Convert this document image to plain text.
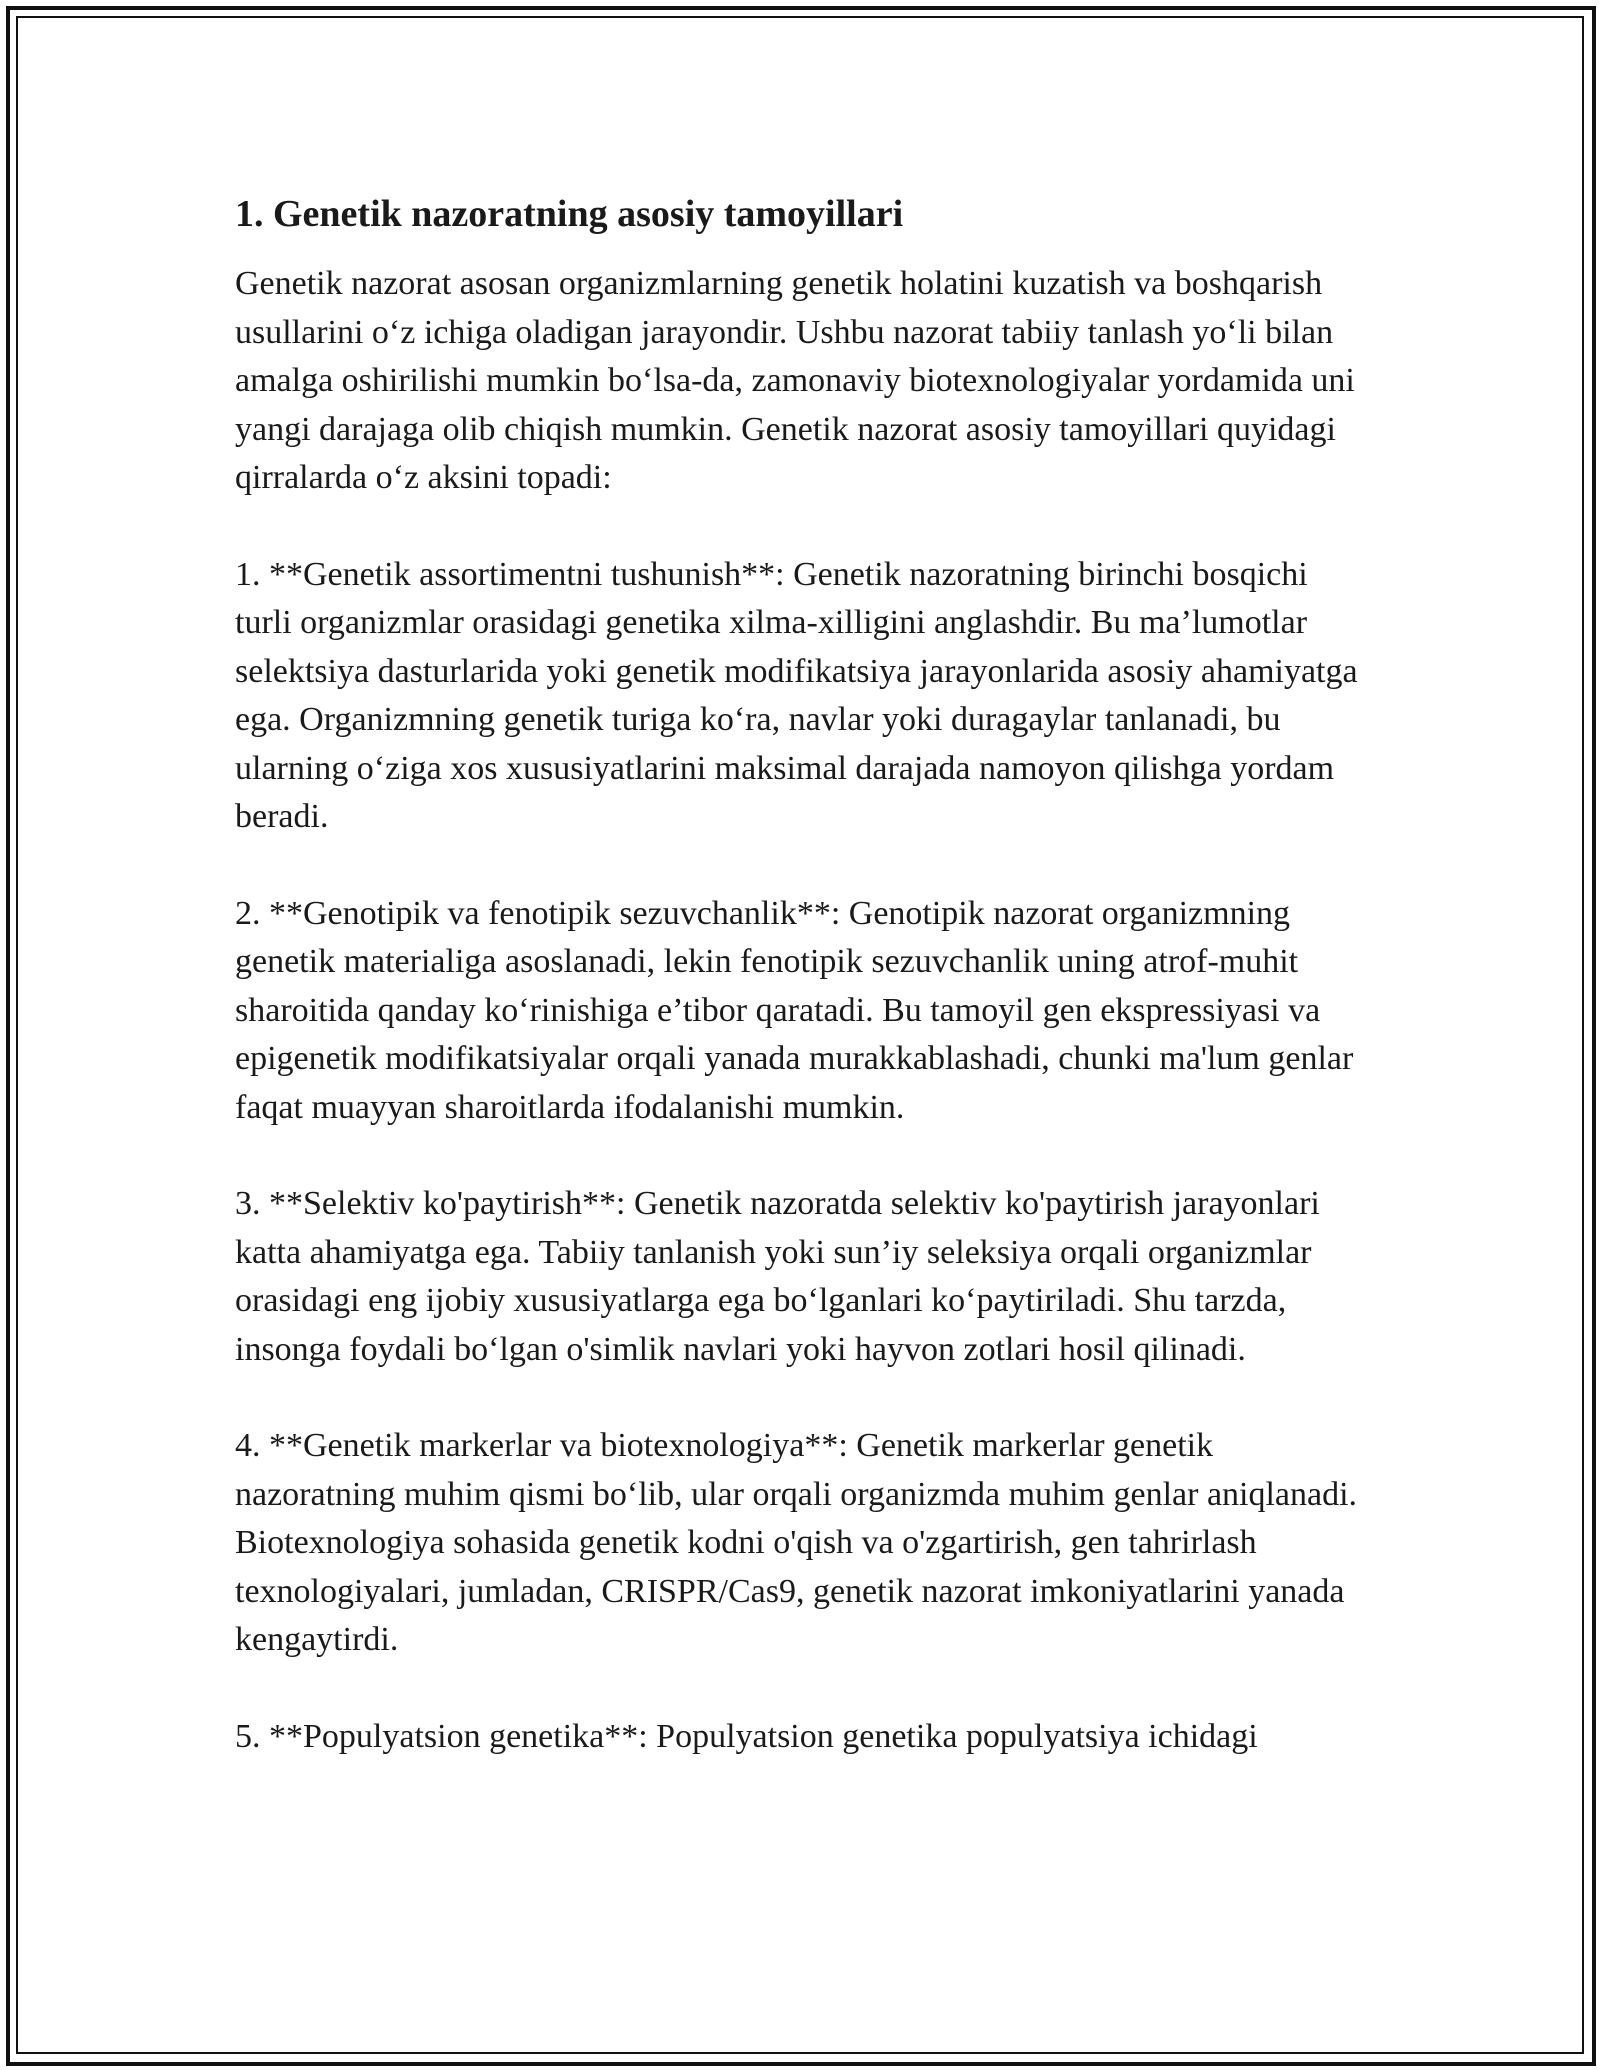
1. Genetik nazoratning asosiy tamoyillari

Genetik nazorat asosan organizmlarning genetik holatini kuzatish va boshqarish usullarini o‘z ichiga oladigan jarayondir. Ushbu nazorat tabiiy tanlash yo‘li bilan amalga oshirilishi mumkin bo‘lsa-da, zamonaviy biotexnologiyalar yordamida uni yangi darajaga olib chiqish mumkin. Genetik nazorat asosiy tamoyillari quyidagi qirralarda o‘z aksini topadi:

1. **Genetik assortimentni tushunish**: Genetik nazoratning birinchi bosqichi turli organizmlar orasidagi genetika xilma-xilligini anglashdir. Bu ma’lumotlar selektsiya dasturlarida yoki genetik modifikatsiya jarayonlarida asosiy ahamiyatga ega. Organizmning genetik turiga ko‘ra, navlar yoki duragaylar tanlanadi, bu ularning o‘ziga xos xususiyatlarini maksimal darajada namoyon qilishga yordam beradi.

2. **Genotipik va fenotipik sezuvchanlik**: Genotipik nazorat organizmning genetik materialiga asoslanadi, lekin fenotipik sezuvchanlik uning atrof-muhit sharoitida qanday ko‘rinishiga e’tibor qaratadi. Bu tamoyil gen ekspressiyasi va epigenetik modifikatsiyalar orqali yanada murakkablashadi, chunki ma'lum genlar faqat muayyan sharoitlarda ifodalanishi mumkin.

3. **Selektiv ko'paytirish**: Genetik nazoratda selektiv ko'paytirish jarayonlari katta ahamiyatga ega. Tabiiy tanlanish yoki sun’iy seleksiya orqali organizmlar orasidagi eng ijobiy xususiyatlarga ega bo‘lganlari ko‘paytiriladi. Shu tarzda, insonga foydali bo‘lgan o'simlik navlari yoki hayvon zotlari hosil qilinadi.

4. **Genetik markerlar va biotexnologiya**: Genetik markerlar genetik nazoratning muhim qismi bo‘lib, ular orqali organizmda muhim genlar aniqlanadi. Biotexnologiya sohasida genetik kodni o'qish va o'zgartirish, gen tahrirlash texnologiyalari, jumladan, CRISPR/Cas9, genetik nazorat imkoniyatlarini yanada kengaytirdi.

5. **Populyatsion genetika**: Populyatsion genetika populyatsiya ichidagi
